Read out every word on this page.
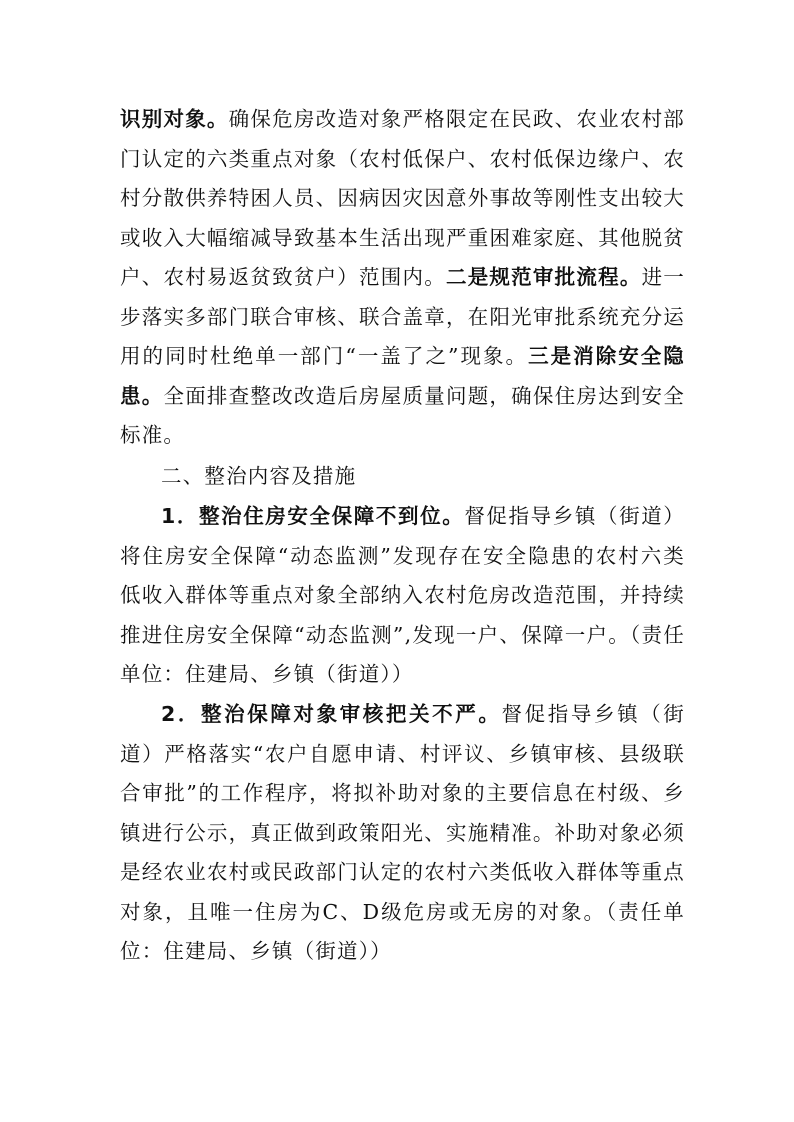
识别对象。确保危房改造对象严格限定在民政、农业农村部门认定的六类重点对象（农村低保户、农村低保边缘户、农村分散供养特困人员、因病因灾因意外事故等刚性支出较大或收入大幅缩减导致基本生活出现严重困难家庭、其他脱贫户、农村易返贫致贫户）范围内。二是规范审批流程。进一步落实多部门联合审核、联合盖章，在阳光审批系统充分运用的同时杜绝单一部门“一盖了之”现象。三是消除安全隐患。全面排查整改改造后房屋质量问题，确保住房达到安全标准。

二、整治内容及措施

1．整治住房安全保障不到位。督促指导乡镇（街道）将住房安全保障“动态监测”发现存在安全隐患的农村六类低收入群体等重点对象全部纳入农村危房改造范围，并持续推进住房安全保障“动态监测”,发现一户、保障一户。（责任单位：住建局、乡镇（街道））

2．整治保障对象审核把关不严。督促指导乡镇（街道）严格落实“农户自愿申请、村评议、乡镇审核、县级联合审批”的工作程序，将拟补助对象的主要信息在村级、乡镇进行公示，真正做到政策阳光、实施精准。补助对象必须是经农业农村或民政部门认定的农村六类低收入群体等重点对象，且唯一住房为C、D级危房或无房的对象。（责任单位：住建局、乡镇（街道））
